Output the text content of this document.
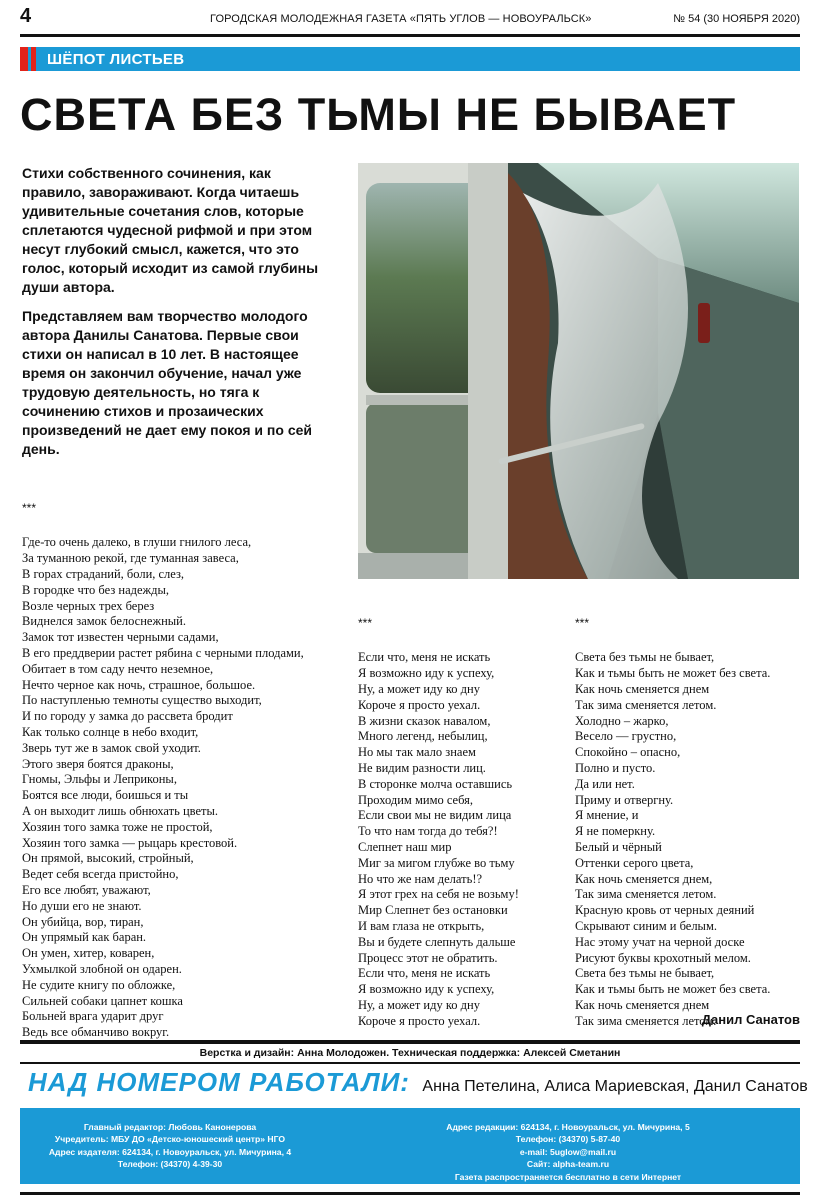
4	ГОРОДСКАЯ МОЛОДЕЖНАЯ ГАЗЕТА «ПЯТЬ УГЛОВ — НОВОУРАЛЬСК»	№ 54 (30 НОЯБРЯ 2020)
ШЁПОТ ЛИСТЬЕВ
СВЕТА БЕЗ ТЬМЫ НЕ БЫВАЕТ

Стихи собственного сочинения, как правило, завораживают. Когда читаешь удивительные сочетания слов, которые сплетаются чудесной рифмой и при этом несут глубокий смысл, кажется, что это голос, который исходит из самой глубины души автора.

Представляем вам творчество молодого автора Данилы Санатова. Первые свои стихи он написал в 10 лет. В настоящее время он закончил обучение, начал уже трудовую деятельность, но тяга к сочинению стихов и прозаических произведений не дает ему покоя и по сей день.

***

Где-то очень далеко, в глуши гнилого леса,
За туманною рекой, где туманная завеса,
В горах страданий, боли, слез,
В городке что без надежды,
Возле черных трех берез
Виднелся замок белоснежный.
Замок тот известен черными садами,
В его преддверии растет рябина с черными плодами,
Обитает в том саду нечто неземное,
Нечто черное как ночь, страшное, большое.
По наступленью темноты существо выходит,
И по городу у замка до рассвета бродит
Как только солнце в небо входит,
Зверь тут же в замок свой уходит.
Этого зверя боятся драконы,
Гномы, Эльфы и Леприконы,
Боятся все люди, боишься и ты
А он выходит лишь обнюхать цветы.
Хозяин того замка тоже не простой,
Хозяин того замка — рыцарь крестовой.
Он прямой, высокий, стройный,
Ведет себя всегда пристойно,
Его все любят, уважают,
Но души его не знают.
Он убийца, вор, тиран,
Он упрямый как баран.
Он умен, хитер, коварен,
Ухмылкой злобной он одарен.
Не судите книгу по обложке,
Сильней собаки цапнет кошка
Больней врага ударит друг
Ведь все обманчиво вокруг.

***

Если что, меня не искать
Я возможно иду к успеху,
Ну, а может иду ко дну
Короче я просто уехал.
В жизни сказок навалом,
Много легенд, небылиц,
Но мы так мало знаем
Не видим разности лиц.
В сторонке молча оставшись
Проходим мимо себя,
Если свои мы не видим лица
То что нам тогда до тебя?!
Слепнет наш мир
Миг за мигом глубже во тьму
Но что же нам делать!?
Я этот грех на себя не возьму!
Мир Слепнет без остановки
И вам глаза не открыть,
Вы и будете слепнуть дальше
Процесс этот не обратить.
Если что, меня не искать
Я возможно иду к успеху,
Ну, а может иду ко дну
Короче я просто уехал.

***

Света без тьмы не бывает,
Как и тьмы быть не может без света.
Как ночь сменяется днем
Так зима сменяется летом.
Холодно – жарко,
Весело — грустно,
Спокойно – опасно,
Полно и пусто.
Да или нет.
Приму и отвергну.
Я мнение, и
Я не померкну.
Белый и чёрный
Оттенки серого цвета,
Как ночь сменяется днем,
Так зима сменяется летом.
Красную кровь от черных деяний
Скрывают синим и белым.
Нас этому учат на черной доске
Рисуют буквы крохотный мелом.
Света без тьмы не бывает,
Как и тьмы быть не может без света.
Как ночь сменяется днем
Так зима сменяется летом.

Данил Санатов
Верстка и дизайн: Анна Молодожен. Техническая поддержка: Алексей Сметанин
НАД НОМЕРОМ РАБОТАЛИ: Анна Петелина, Алиса Мариевская, Данил Санатов
Главный редактор: Любовь Канонерова
Учредитель: МБУ ДО «Детско-юношеский центр» НГО
Адрес издателя: 624134, г. Новоуральск, ул. Мичурина, 4
Телефон: (34370) 4-39-30
Адрес редакции: 624134, г. Новоуральск, ул. Мичурина, 5
Телефон: (34370) 5-87-40
e-mail: 5uglow@mail.ru
Сайт: alpha-team.ru
Газета распространяется бесплатно в сети Интернет
